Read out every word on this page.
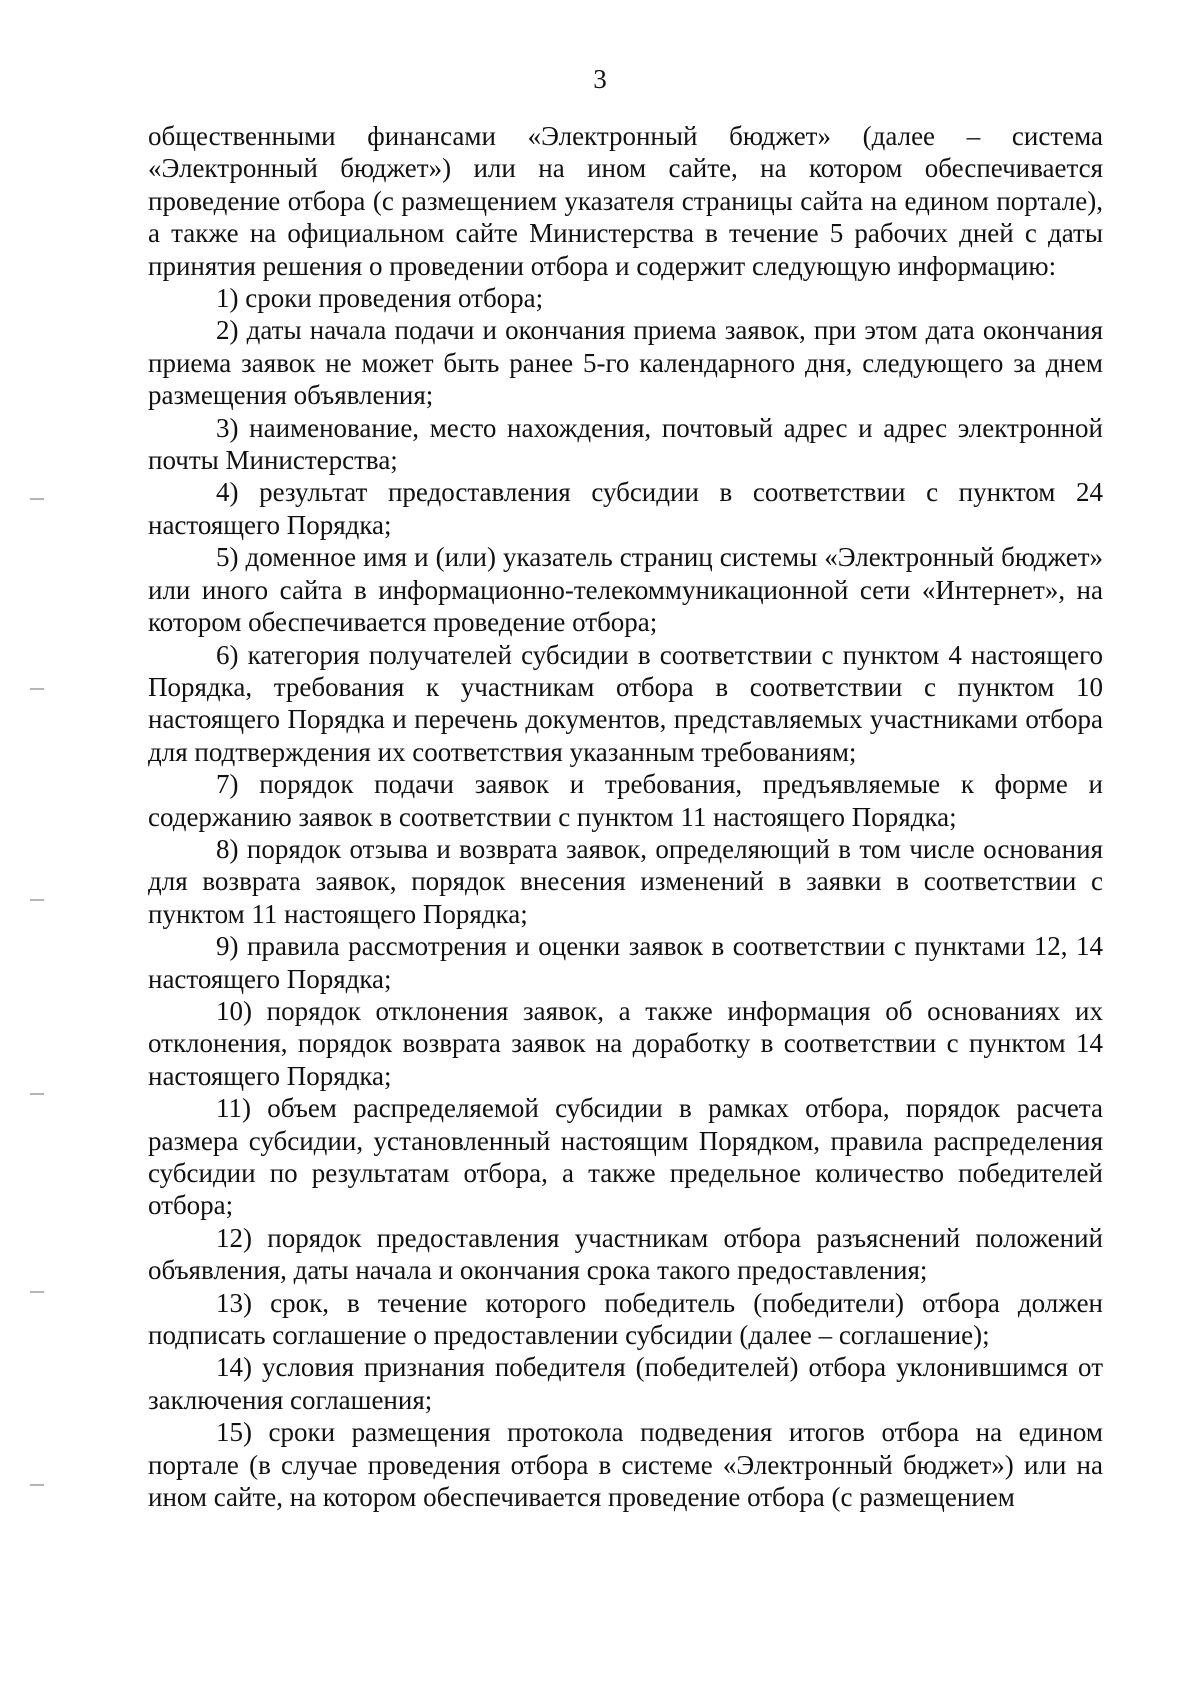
3

общественными финансами «Электронный бюджет» (далее – система «Электронный бюджет») или на ином сайте, на котором обеспечивается проведение отбора (с размещением указателя страницы сайта на едином портале), а также на официальном сайте Министерства в течение 5 рабочих дней с даты принятия решения о проведении отбора и содержит следующую информацию:

1) сроки проведения отбора;

2) даты начала подачи и окончания приема заявок, при этом дата окончания приема заявок не может быть ранее 5-го календарного дня, следующего за днем размещения объявления;

3) наименование, место нахождения, почтовый адрес и адрес электронной почты Министерства;

4) результат предоставления субсидии в соответствии с пунктом 24 настоящего Порядка;

5) доменное имя и (или) указатель страниц системы «Электронный бюджет» или иного сайта в информационно-телекоммуникационной сети «Интернет», на котором обеспечивается проведение отбора;

6) категория получателей субсидии в соответствии с пунктом 4 настоящего Порядка, требования к участникам отбора в соответствии с пунктом 10 настоящего Порядка и перечень документов, представляемых участниками отбора для подтверждения их соответствия указанным требованиям;

7) порядок подачи заявок и требования, предъявляемые к форме и содержанию заявок в соответствии с пунктом 11 настоящего Порядка;

8) порядок отзыва и возврата заявок, определяющий в том числе основания для возврата заявок, порядок внесения изменений в заявки в соответствии с пунктом 11 настоящего Порядка;

9) правила рассмотрения и оценки заявок в соответствии с пунктами 12, 14 настоящего Порядка;

10) порядок отклонения заявок, а также информация об основаниях их отклонения, порядок возврата заявок на доработку в соответствии с пунктом 14 настоящего Порядка;

11) объем распределяемой субсидии в рамках отбора, порядок расчета размера субсидии, установленный настоящим Порядком, правила распределения субсидии по результатам отбора, а также предельное количество победителей отбора;

12) порядок предоставления участникам отбора разъяснений положений объявления, даты начала и окончания срока такого предоставления;

13) срок, в течение которого победитель (победители) отбора должен подписать соглашение о предоставлении субсидии (далее – соглашение);

14) условия признания победителя (победителей) отбора уклонившимся от заключения соглашения;

15) сроки размещения протокола подведения итогов отбора на едином портале (в случае проведения отбора в системе «Электронный бюджет») или на ином сайте, на котором обеспечивается проведение отбора (с размещением
